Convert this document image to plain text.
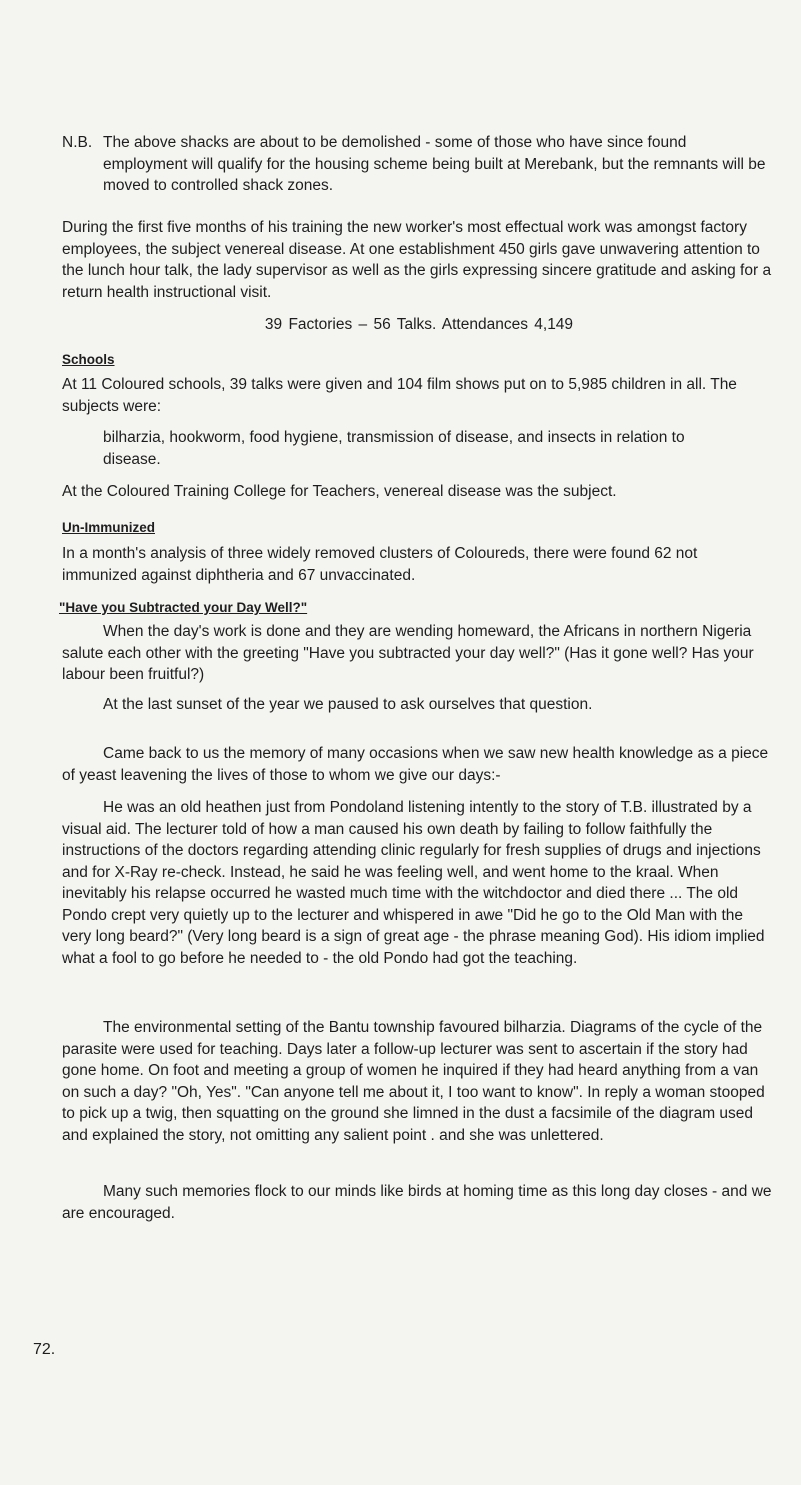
N.B. The above shacks are about to be demolished - some of those who have since found employment will qualify for the housing scheme being built at Merebank, but the remnants will be moved to controlled shack zones.

During the first five months of his training the new worker's most effectual work was amongst factory employees, the subject venereal disease. At one establishment 450 girls gave unwavering attention to the lunch hour talk, the lady supervisor as well as the girls expressing sincere gratitude and asking for a return health instructional visit.

39 Factories – 56 Talks. Attendances 4,149

Schools

At 11 Coloured schools, 39 talks were given and 104 film shows put on to 5,985 children in all. The subjects were:

bilharzia, hookworm, food hygiene, transmission of disease, and insects in relation to disease.

At the Coloured Training College for Teachers, venereal disease was the subject.

Un-Immunized

In a month's analysis of three widely removed clusters of Coloureds, there were found 62 not immunized against diphtheria and 67 unvaccinated.

"Have you Subtracted your Day Well?"

When the day's work is done and they are wending homeward, the Africans in northern Nigeria salute each other with the greeting "Have you subtracted your day well?" (Has it gone well? Has your labour been fruitful?)

At the last sunset of the year we paused to ask ourselves that question.

Came back to us the memory of many occasions when we saw new health knowledge as a piece of yeast leavening the lives of those to whom we give our days:-

He was an old heathen just from Pondoland listening intently to the story of T.B. illustrated by a visual aid. The lecturer told of how a man caused his own death by failing to follow faithfully the instructions of the doctors regarding attending clinic regularly for fresh supplies of drugs and injections and for X-Ray re-check. Instead, he said he was feeling well, and went home to the kraal. When inevitably his relapse occurred he wasted much time with the witchdoctor and died there ... The old Pondo crept very quietly up to the lecturer and whispered in awe "Did he go to the Old Man with the very long beard?" (Very long beard is a sign of great age - the phrase meaning God). His idiom implied what a fool to go before he needed to - the old Pondo had got the teaching.

The environmental setting of the Bantu township favoured bilharzia. Diagrams of the cycle of the parasite were used for teaching. Days later a follow-up lecturer was sent to ascertain if the story had gone home. On foot and meeting a group of women he inquired if they had heard anything from a van on such a day? "Oh, Yes". "Can anyone tell me about it, I too want to know". In reply a woman stooped to pick up a twig, then squatting on the ground she limned in the dust a facsimile of the diagram used and explained the story, not omitting any salient point . and she was unlettered.

Many such memories flock to our minds like birds at homing time as this long day closes - and we are encouraged.

72.
